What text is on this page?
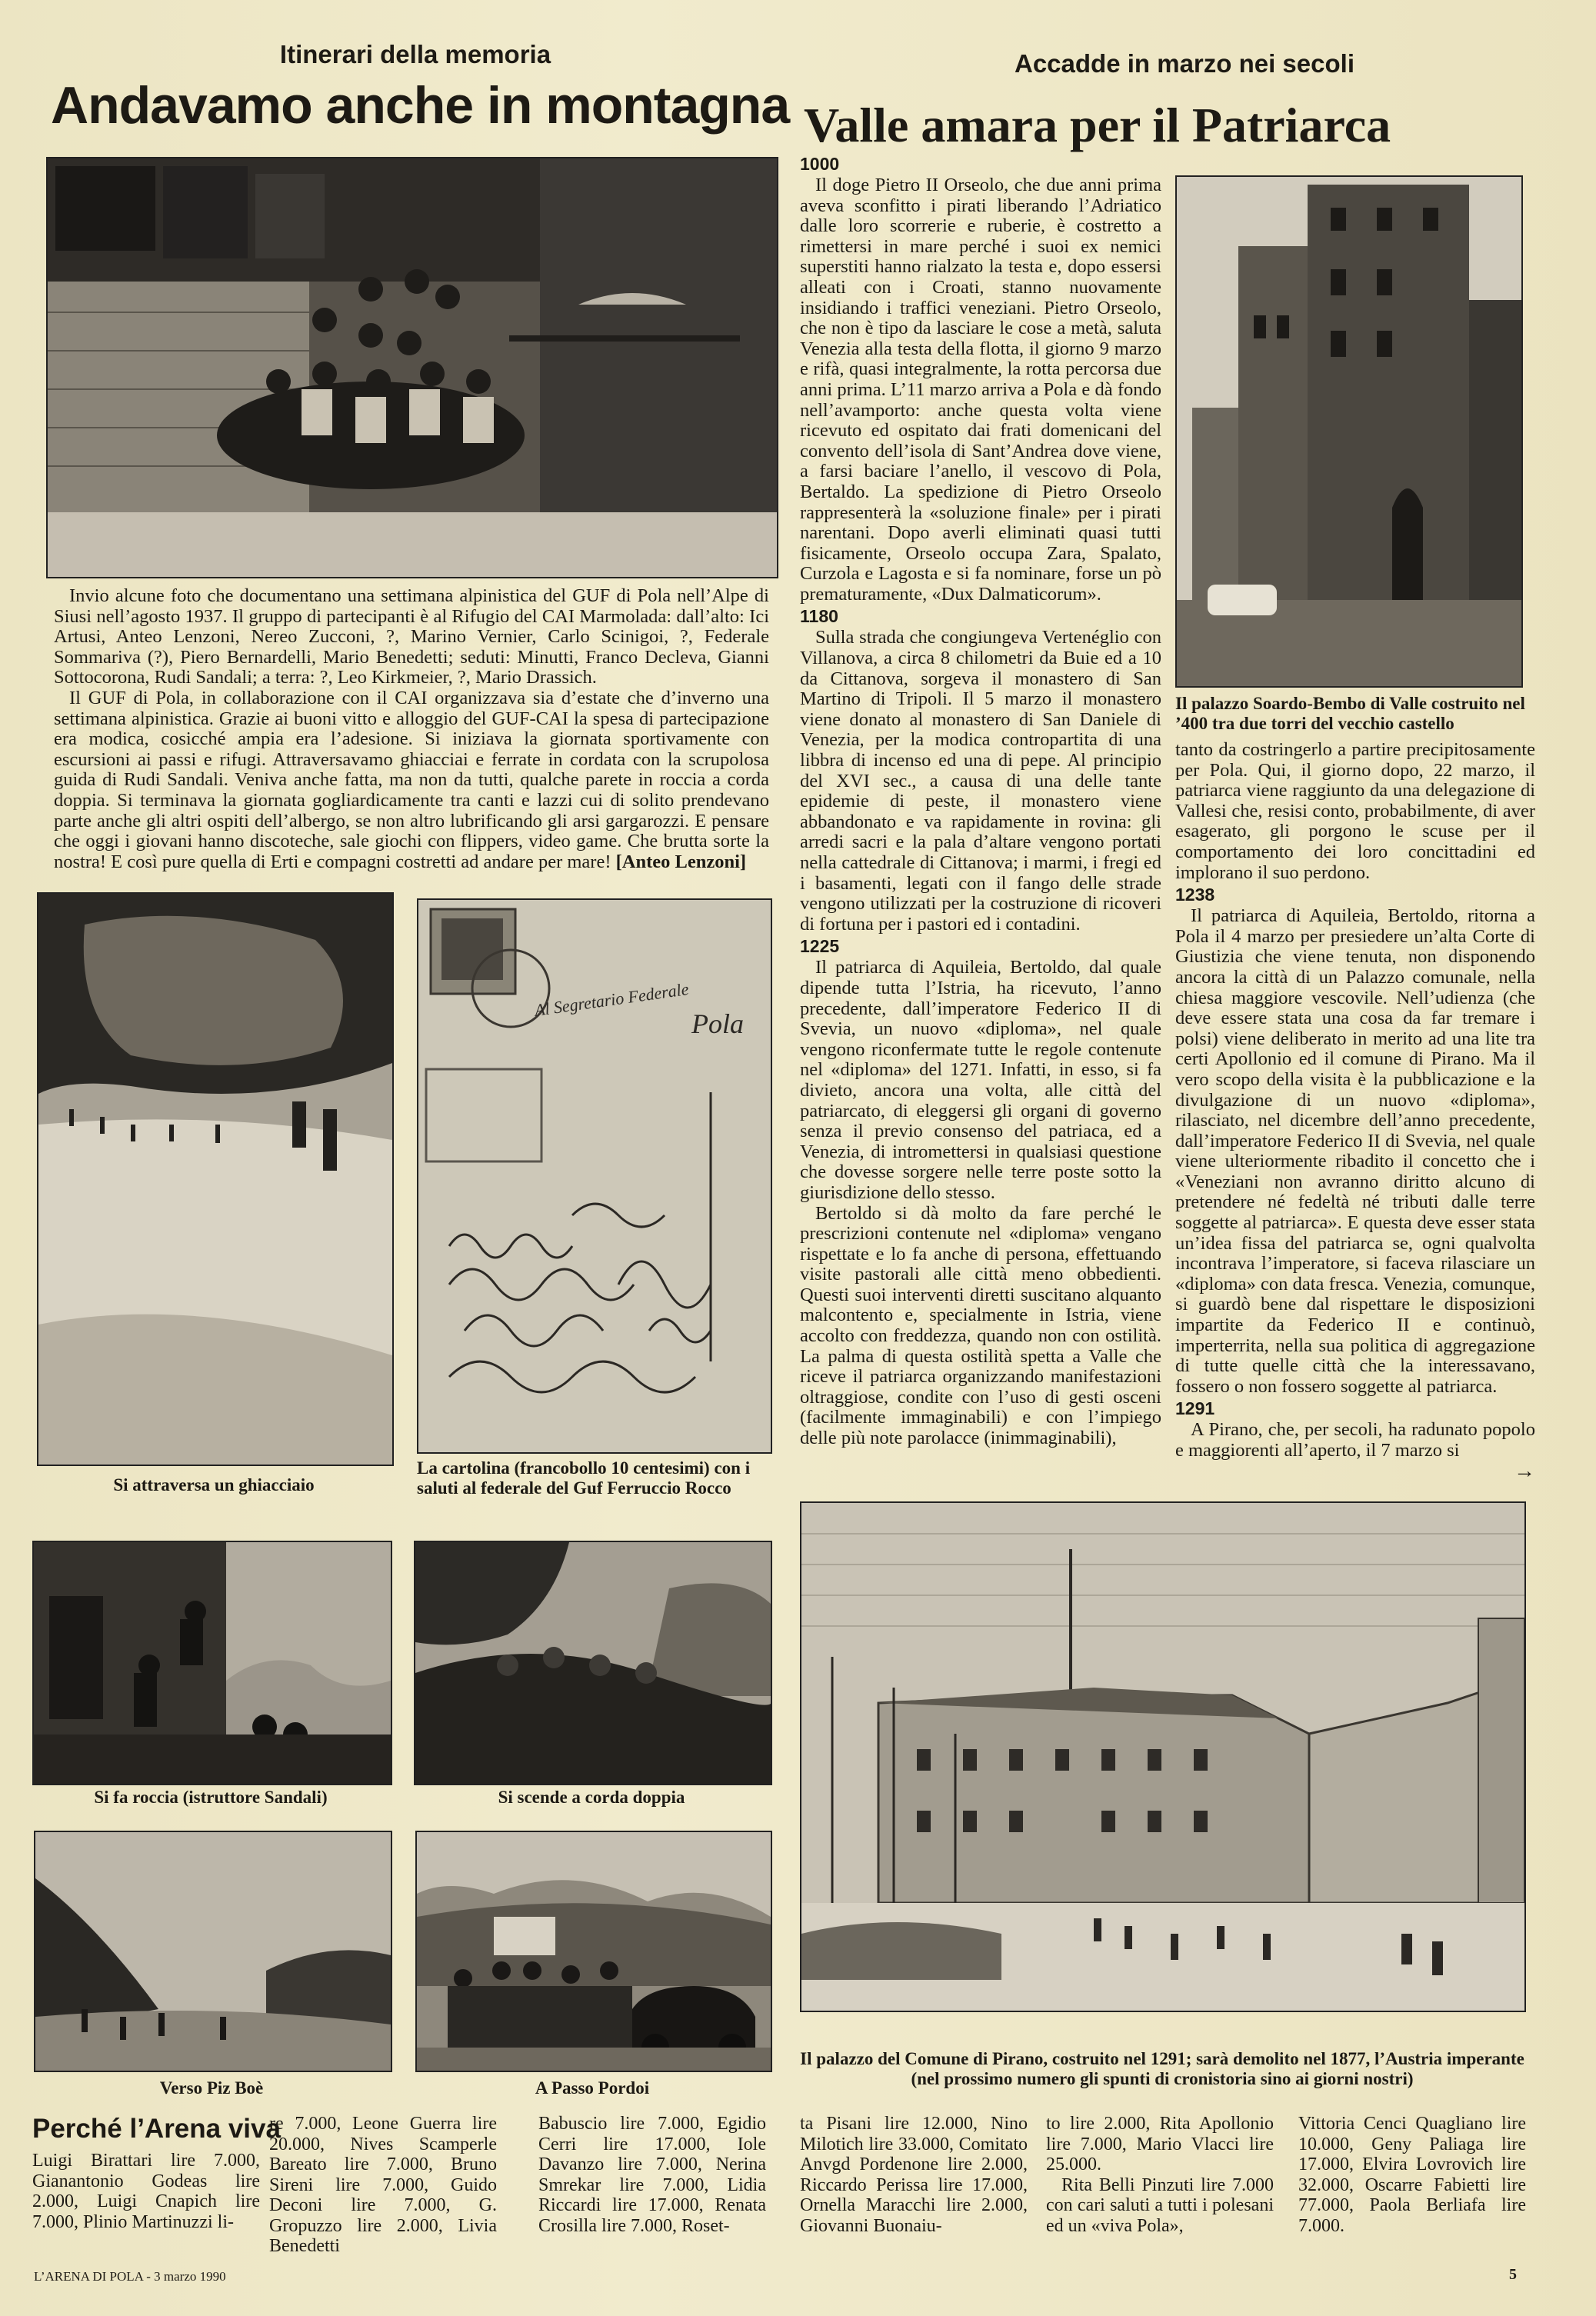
Itinerari della memoria
Andavamo anche in montagna

Invio alcune foto che documentano una settimana alpinistica del GUF di Pola nell’Alpe di Siusi nell’agosto 1937. Il gruppo di partecipanti è al Rifugio del CAI Marmolada: dall’alto: Ici Artusi, Anteo Lenzoni, Nereo Zucconi, ?, Marino Vernier, Carlo Scinigoi, ?, Federale Sommariva (?), Piero Bernardelli, Mario Benedetti; seduti: Minutti, Franco Decleva, Gianni Sottocorona, Rudi Sandali; a terra: ?, Leo Kirkmeier, ?, Mario Drassich.

Il GUF di Pola, in collaborazione con il CAI organizzava sia d’estate che d’inverno una settimana alpinistica. Grazie ai buoni vitto e alloggio del GUF-CAI la spesa di partecipazione era modica, cosicché ampia era l’adesione. Si iniziava la giornata sportivamente con escursioni ai passi e rifugi. Attraversavamo ghiacciai e ferrate in cordata con la scrupolosa guida di Rudi Sandali. Veniva anche fatta, ma non da tutti, qualche parete in roccia a corda doppia. Si terminava la giornata gogliardicamente tra canti e lazzi cui di solito prendevano parte anche gli altri ospiti dell’albergo, se non altro lubrificando gli arsi gargarozzi. E pensare che oggi i giovani hanno discoteche, sale giochi con flippers, video game. Che brutta sorte la nostra! E così pure quella di Erti e compagni costretti ad andare per mare! [Anteo Lenzoni]

Si attraversa un ghiacciaio
Al Segretario Federale
Pola
La cartolina (francobollo 10 centesimi) con i saluti al federale del Guf Ferruccio Rocco
Si fa roccia (istruttore Sandali)	Si scende a corda doppia
Verso Piz Boè	A Passo Pordoi
Accadde in marzo nei secoli
Valle amara per il Patriarca
1000

Il doge Pietro II Orseolo, che due anni prima aveva sconfitto i pirati liberando l’Adriatico dalle loro scorrerie e ruberie, è costretto a rimettersi in mare perché i suoi ex nemici superstiti hanno rialzato la testa e, dopo essersi alleati con i Croati, stanno nuovamente insidiando i traffici veneziani. Pietro Orseolo, che non è tipo da lasciare le cose a metà, saluta Venezia alla testa della flotta, il giorno 9 marzo e rifà, quasi integralmente, la rotta percorsa due anni prima. L’11 marzo arriva a Pola e dà fondo nell’avamporto: anche questa volta viene ricevuto ed ospitato dai frati domenicani del convento dell’isola di Sant’Andrea dove viene, a farsi baciare l’anello, il vescovo di Pola, Bertaldo. La spedizione di Pietro Orseolo rappresenterà la «soluzione finale» per i pirati narentani. Dopo averli eliminati quasi tutti fisicamente, Orseolo occupa Zara, Spalato, Curzola e Lagosta e si fa nominare, forse un pò prematuramente, «Dux Dalmaticorum».

1180

Sulla strada che congiungeva Vertenéglio con Villanova, a circa 8 chilometri da Buie ed a 10 da Cittanova, sorgeva il monastero di San Martino di Tripoli. Il 5 marzo il monastero viene donato al monastero di San Daniele di Venezia, per la modica contropartita di una libbra di incenso ed una di pepe. Al principio del XVI sec., a causa di una delle tante epidemie di peste, il monastero viene abbandonato e va rapidamente in rovina: gli arredi sacri e la pala d’altare vengono portati nella cattedrale di Cittanova; i marmi, i fregi ed i basamenti, legati con il fango delle strade vengono utilizzati per la costruzione di ricoveri di fortuna per i pastori ed i contadini.

1225

Il patriarca di Aquileia, Bertoldo, dal quale dipende tutta l’Istria, ha ricevuto, l’anno precedente, dall’imperatore Federico II di Svevia, un nuovo «diploma», nel quale vengono riconfermate tutte le regole contenute nel «diploma» del 1271. Infatti, in esso, si fa divieto, ancora una volta, alle città del patriarcato, di eleggersi gli organi di governo senza il previo consenso del patriaca, ed a Venezia, di intromettersi in qualsiasi questione che dovesse sorgere nelle terre poste sotto la giurisdizione dello stesso.

Bertoldo si dà molto da fare perché le prescrizioni contenute nel «diploma» vengano rispettate e lo fa anche di persona, effettuando visite pastorali alle città meno obbedienti. Questi suoi interventi diretti suscitano alquanto malcontento e, specialmente in Istria, viene accolto con freddezza, quando non con ostilità. La palma di questa ostilità spetta a Valle che riceve il patriarca organizzando manifestazioni oltraggiose, condite con l’uso di gesti osceni (facilmente immaginabili) e con l’impiego delle più note parolacce (inimmaginabili),

Il palazzo Soardo-Bembo di Valle costruito nel ’400 tra due torri del vecchio castello

tanto da costringerlo a partire precipitosamente per Pola. Qui, il giorno dopo, 22 marzo, il patriarca viene raggiunto da una delegazione di Vallesi che, resisi conto, probabilmente, di aver esagerato, gli porgono le scuse per il comportamento dei loro concittadini ed implorano il suo perdono.

1238

Il patriarca di Aquileia, Bertoldo, ritorna a Pola il 4 marzo per presiedere un’alta Corte di Giustizia che viene tenuta, non disponendo ancora la città di un Palazzo comunale, nella chiesa maggiore vescovile. Nell’udienza (che deve essere stata una cosa da far tremare i polsi) viene deliberato in merito ad una lite tra certi Apollonio ed il comune di Pirano. Ma il vero scopo della visita è la pubblicazione e la divulgazione di un nuovo «diploma», rilasciato, nel dicembre dell’anno precedente, dall’imperatore Federico II di Svevia, nel quale viene ulteriormente ribadito il concetto che i «Veneziani non avranno diritto alcuno di pretendere né fedeltà né tributi dalle terre soggette al patriarca». E questa deve esser stata un’idea fissa del patriarca se, ogni qualvolta incontrava l’imperatore, si faceva rilasciare un «diploma» con data fresca. Venezia, comunque, si guardò bene dal rispettare le disposizioni impartite da Federico II e continuò, imperterrita, nella sua politica di aggregazione di tutte quelle città che la interessavano, fossero o non fossero soggette al patriarca.

1291

A Pirano, che, per secoli, ha radunato popolo e maggiorenti all’aperto, il 7 marzo si

→
Il palazzo del Comune di Pirano, costruito nel 1291; sarà demolito nel 1877, l’Austria imperante (nel prossimo numero gli spunti di cronistoria sino ai giorni nostri)
Perché l’Arena viva

Luigi Birattari lire 7.000, Gianantonio Godeas lire 2.000, Luigi Cnapich lire 7.000, Plinio Martinuzzi li-

re 7.000, Leone Guerra lire 20.000, Nives Scamperle Bareato lire 7.000, Bruno Sireni lire 7.000, Guido Deconi lire 7.000, G. Gropuzzo lire 2.000, Livia Benedetti

Babuscio lire 7.000, Egidio Cerri lire 17.000, Iole Davanzo lire 7.000, Nerina Smrekar lire 7.000, Lidia Riccardi lire 17.000, Renata Crosilla lire 7.000, Roset-

ta Pisani lire 12.000, Nino Milotich lire 33.000, Comitato Anvgd Pordenone lire 2.000, Riccardo Perissa lire 17.000, Ornella Maracchi lire 2.000, Giovanni Buonaiu-

to lire 2.000, Rita Apollonio lire 7.000, Mario Vlacci lire 25.000.

Rita Belli Pinzuti lire 7.000 con cari saluti a tutti i polesani ed un «viva Pola»,

Vittoria Cenci Quagliano lire 10.000, Geny Paliaga lire 17.000, Elvira Lovrovich lire 32.000, Oscarre Fabietti lire 77.000, Paola Berliafa lire 7.000.

L’ARENA DI POLA - 3 marzo 1990	5
